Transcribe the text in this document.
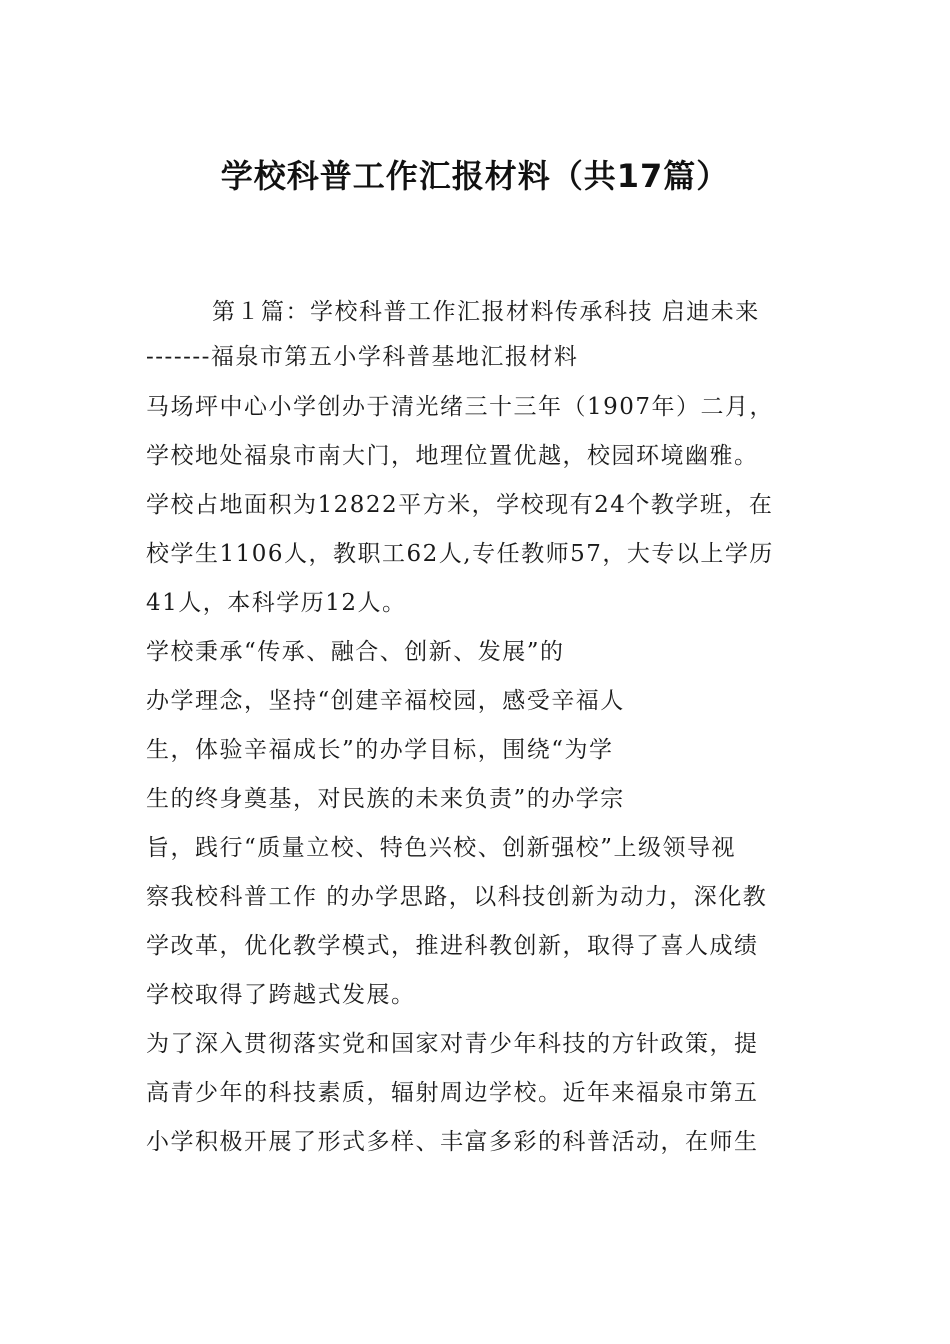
学校科普工作汇报材料（共17篇）
第１篇：学校科普工作汇报材料传承科技 启迪未来
-------福泉市第五小学科普基地汇报材料
马场坪中心小学创办于清光绪三十三年（1907年）二月，
学校地处福泉市南大门，地理位置优越，校园环境幽雅。
学校占地面积为12822平方米，学校现有24个教学班，在
校学生1106人，教职工62人,专任教师57，大专以上学历
41人，本科学历12人。
学校秉承“传承、融合、创新、发展”的
办学理念，坚持“创建辛福校园，感受辛福人
生，体验辛福成长”的办学目标，围绕“为学
生的终身奠基，对民族的未来负责”的办学宗
旨，践行“质量立校、特色兴校、创新强校”上级领导视
察我校科普工作 的办学思路，以科技创新为动力，深化教
学改革，优化教学模式，推进科教创新，取得了喜人成绩
学校取得了跨越式发展。
为了深入贯彻落实党和国家对青少年科技的方针政策，提
高青少年的科技素质，辐射周边学校。近年来福泉市第五
小学积极开展了形式多样、丰富多彩的科普活动，在师生
